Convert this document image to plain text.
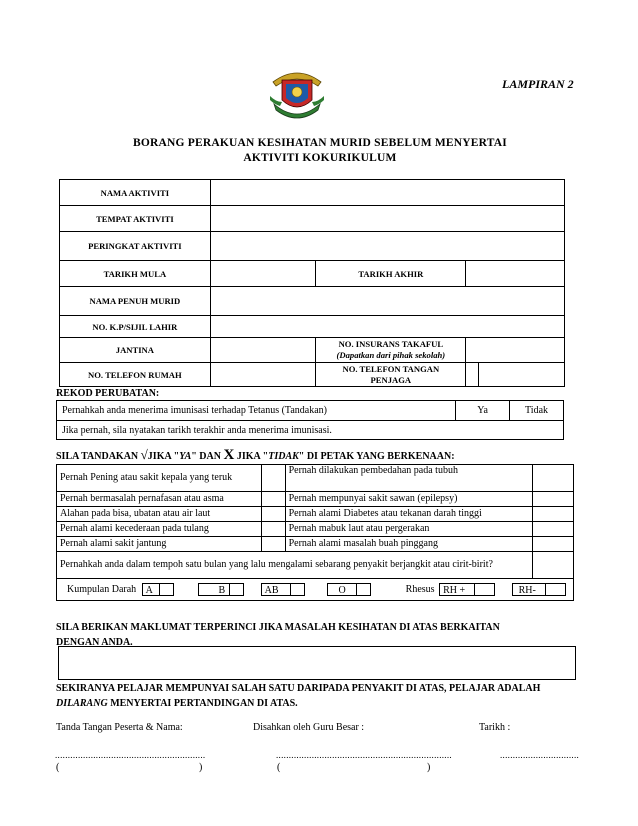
LAMPIRAN 2
BORANG PERAKUAN KESIHATAN MURID SEBELUM MENYERTAI
AKTIVITI KOKURIKULUM
NAMA AKTIVITI				
TEMPAT AKTIVITI				
PERINGKAT AKTIVITI				
TARIKH MULA		TARIKH AKHIR		
NAMA PENUH MURID				
NO. K.P/SIJIL LAHIR				
JANTINA		NO. INSURANS TAKAFUL
(Dapatkan dari pihak sekolah)		

NO. TELEFON RUMAH		NO. TELEFON TANGAN
PENJAGA		

REKOD PERUBATAN:
Pernahkah anda menerima imunisasi terhadap Tetanus (Tandakan)	Ya	Tidak
Jika pernah, sila nyatakan tarikh terakhir anda menerima imunisasi.
SILA TANDAKAN √JIKA "YA" DAN X JIKA "TIDAK" DI PETAK YANG BERKENAAN:
Pernah Pening atau sakit kepala yang teruk		Pernah dilakukan pembedahan pada tubuh	
Pernah bermasalah pernafasan atau asma		Pernah mempunyai sakit sawan (epilepsy)	
Alahan pada bisa, ubatan atau air laut		Pernah alami Diabetes atau tekanan darah tinggi	
Pernah alami kecederaan pada tulang		Pernah mabuk laut atau pergerakan	
Pernah alami sakit jantung		Pernah alami masalah buah pinggang	
Pernahkah anda dalam tempoh satu bulan yang lalu mengalami sebarang penyakit berjangkit atau cirit-birit?			
Kumpulan Darah A B AB O Rhesus RH + RH-			
SILA BERIKAN MAKLUMAT TERPERINCI JIKA MASALAH KESIHATAN DI ATAS BERKAITAN
DENGAN ANDA.
SEKIRANYA PELAJAR MEMPUNYAI SALAH SATU DARIPADA PENYAKIT DI ATAS, PELAJAR ADALAH
DILARANG MENYERTAI PERTANDINGAN DI ATAS.
Tanda Tangan Peserta & Nama:	Disahkan oleh Guru Besar :	Tarikh :
...........................................................	.....................................................................	...............................
(	)	(	)
